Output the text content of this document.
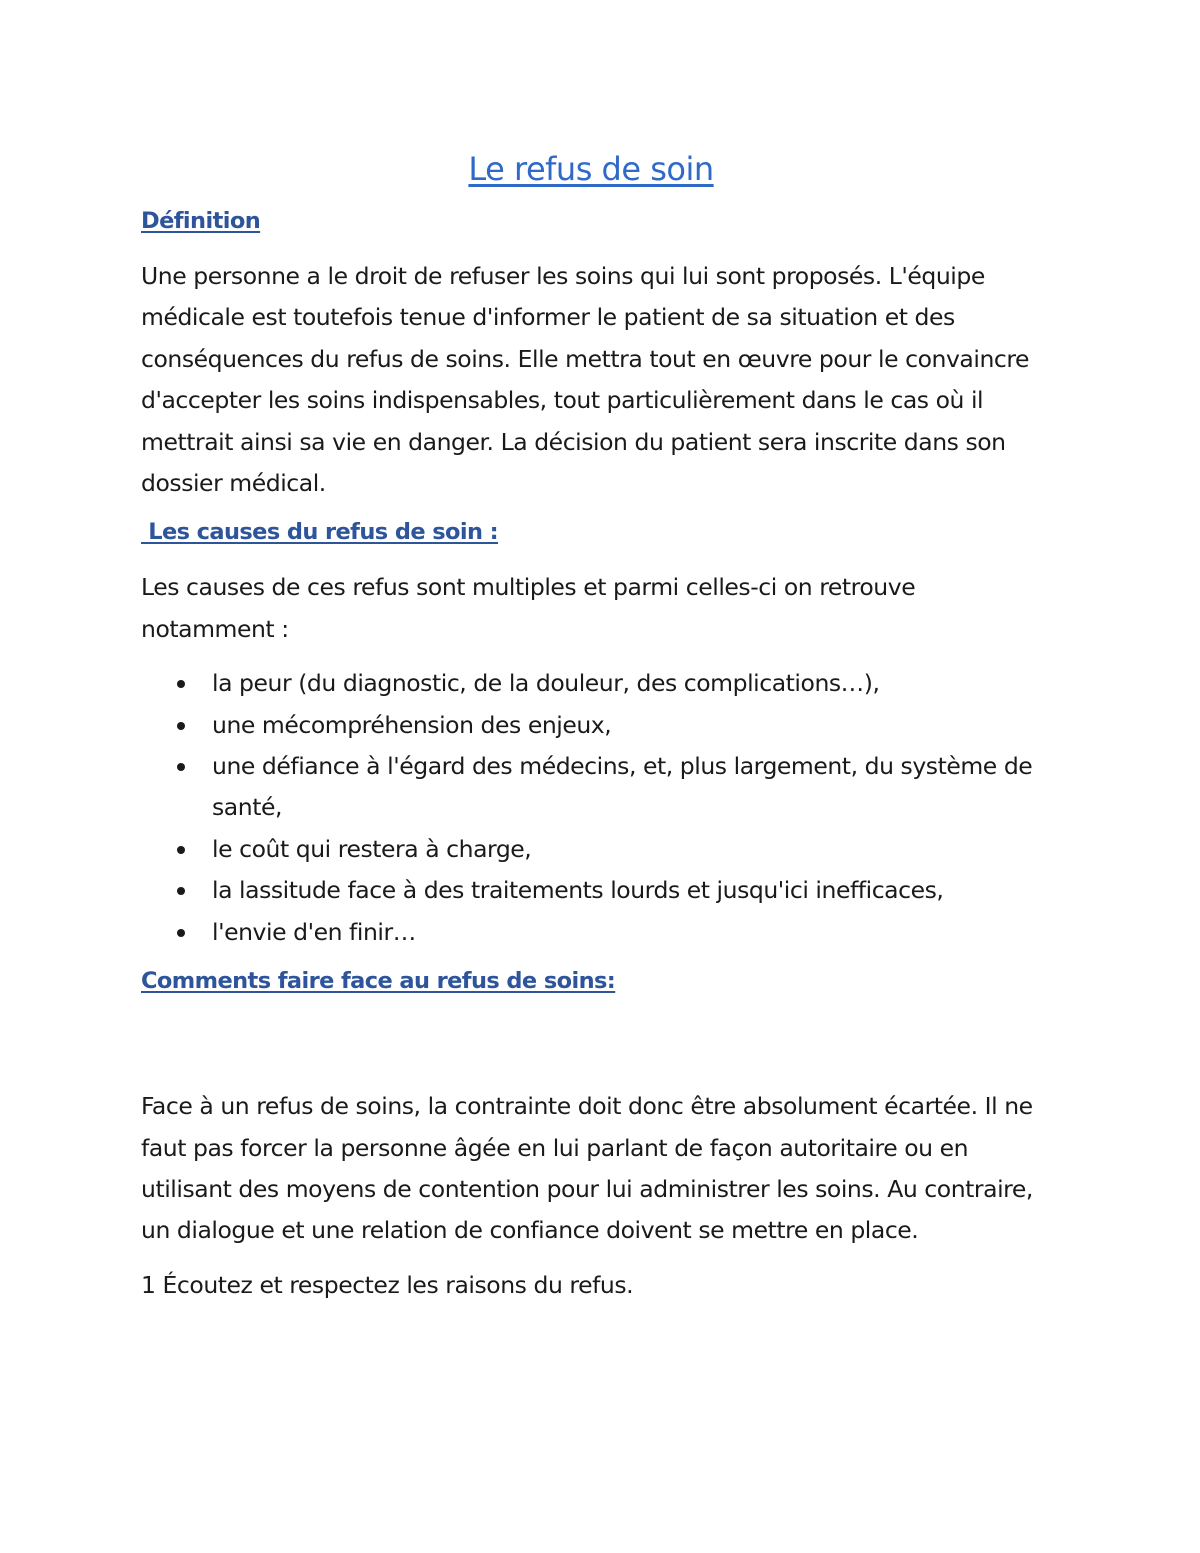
Le refus de soin
Définition

Une personne a le droit de refuser les soins qui lui sont proposés. L'équipe médicale est toutefois tenue d'informer le patient de sa situation et des conséquences du refus de soins. Elle mettra tout en œuvre pour le convaincre d'accepter les soins indispensables, tout particulièrement dans le cas où il mettrait ainsi sa vie en danger. La décision du patient sera inscrite dans son dossier médical.

Les causes du refus de soin :

Les causes de ces refus sont multiples et parmi celles-ci on retrouve notamment :

la peur (du diagnostic, de la douleur, des complications…),
une mécompréhension des enjeux,
une défiance à l'égard des médecins, et, plus largement, du système de santé,
le coût qui restera à charge,
la lassitude face à des traitements lourds et jusqu'ici inefficaces,
l'envie d'en finir…
Comments faire face au refus de soins:

Face à un refus de soins, la contrainte doit donc être absolument écartée. Il ne faut pas forcer la personne âgée en lui parlant de façon autoritaire ou en utilisant des moyens de contention pour lui administrer les soins. Au contraire, un dialogue et une relation de confiance doivent se mettre en place.

1 Écoutez et respectez les raisons du refus.
